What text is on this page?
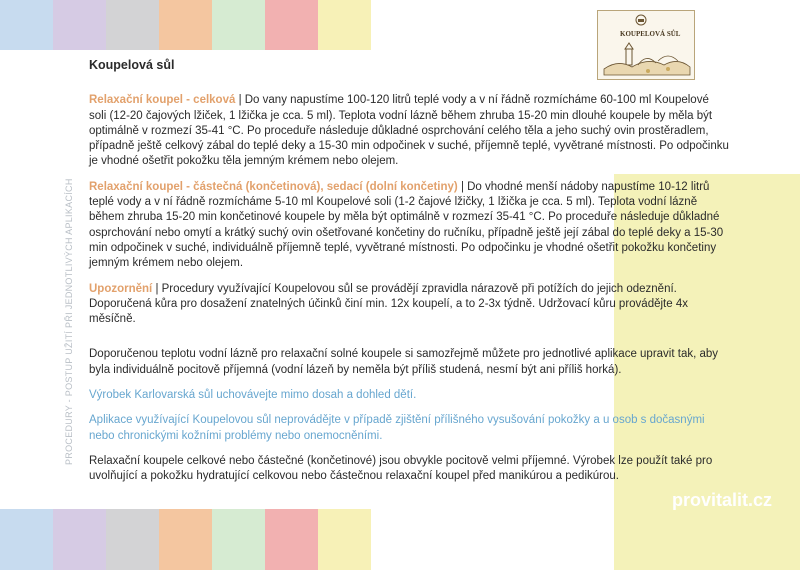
provitalit.cz
KOUPELOVÁ SŮL
PROCEDURY - POSTUP UŽITÍ PŘI JEDNOTLIVÝCH APLIKACÍCH

Koupelová sůl

Relaxační koupel - celková | Do vany napustíme 100-120 litrů teplé vody a v ní řádně rozmícháme 60-100 ml Koupelové soli (12-20 čajových lžiček, 1 lžička je cca. 5 ml). Teplota vodní lázně během zhruba 15-20 min dlouhé koupele by měla být optimálně v rozmezí 35-41 °C. Po proceduře následuje důkladné osprchování celého těla a jeho suchý ovin prostěradlem, případně ještě celkový zábal do teplé deky a 15-30 min odpočinek v suché, příjemně teplé, vyvětrané místnosti. Po odpočinku je vhodné ošetřit pokožku těla jemným krémem nebo olejem.

Relaxační koupel - částečná (končetinová), sedací (dolní končetiny) | Do vhodné menší nádoby napustíme 10-12 litrů teplé vody a v ní řádně rozmícháme 5-10 ml Koupelové soli (1-2 čajové lžičky, 1 lžička je cca. 5 ml). Teplota vodní lázně během zhruba 15-20 min končetinové koupele by měla být optimálně v rozmezí 35-41 °C. Po proceduře následuje důkladné osprchování nebo omytí a krátký suchý ovin ošetřované končetiny do ručníku, případně ještě její zábal do teplé deky a 15-30 min odpočinek v suché, individuálně příjemně teplé, vyvětrané místnosti. Po odpočinku je vhodné ošetřit pokožku končetiny jemným krémem nebo olejem.

Upozornění | Procedury využívající Koupelovou sůl se provádějí zpravidla nárazově při potížích do jejich odeznění. Doporučená kůra pro dosažení znatelných účinků činí min. 12x koupelí, a to 2-3x týdně. Udržovací kůru provádějte 4x měsíčně.

Doporučenou teplotu vodní lázně pro relaxační solné koupele si samozřejmě můžete pro jednotlivé aplikace upravit tak, aby byla individuálně pocitově příjemná (vodní lázeň by neměla být příliš studená, nesmí být ani příliš horká).

Výrobek Karlovarská sůl uchovávejte mimo dosah a dohled dětí.

Aplikace využívající Koupelovou sůl neprovádějte v případě zjištění přílišného vysušování pokožky a u osob s dočasnými nebo chronickými kožními problémy nebo onemocněními.

Relaxační koupele celkové nebo částečné (končetinové) jsou obvykle pocitově velmi příjemné. Výrobek lze použít také pro uvolňující a pokožku hydratující celkovou nebo částečnou relaxační koupel před manikúrou a pedikúrou.
